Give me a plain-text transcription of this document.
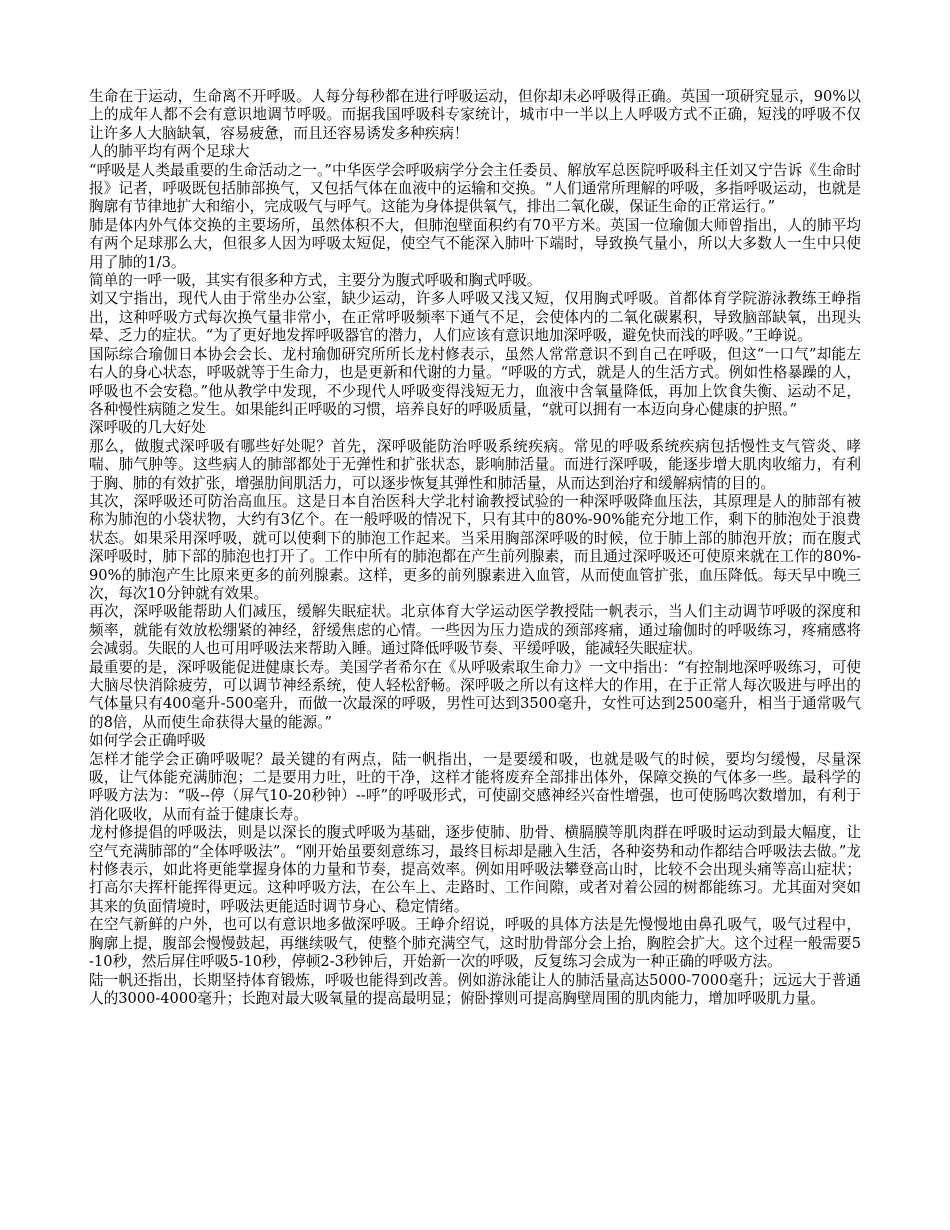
生命在于运动，生命离不开呼吸。人每分每秒都在进行呼吸运动，但你却未必呼吸得正确。英国一项研究显示，90%以上的成年人都不会有意识地调节呼吸。而据我国呼吸科专家统计，城市中一半以上人呼吸方式不正确，短浅的呼吸不仅让许多人大脑缺氧，容易疲惫，而且还容易诱发多种疾病！

人的肺平均有两个足球大

“呼吸是人类最重要的生命活动之一。”中华医学会呼吸病学分会主任委员、解放军总医院呼吸科主任刘又宁告诉《生命时报》记者，呼吸既包括肺部换气，又包括气体在血液中的运输和交换。“人们通常所理解的呼吸，多指呼吸运动，也就是胸廓有节律地扩大和缩小，完成吸气与呼气。这能为身体提供氧气，排出二氧化碳，保证生命的正常运行。”

肺是体内外气体交换的主要场所，虽然体积不大，但肺泡壁面积约有70平方米。英国一位瑜伽大师曾指出，人的肺平均有两个足球那么大，但很多人因为呼吸太短促，使空气不能深入肺叶下端时，导致换气量小，所以大多数人一生中只使用了肺的1/3。

简单的一呼一吸，其实有很多种方式，主要分为腹式呼吸和胸式呼吸。

刘又宁指出，现代人由于常坐办公室，缺少运动，许多人呼吸又浅又短，仅用胸式呼吸。首都体育学院游泳教练王峥指出，这种呼吸方式每次换气量非常小，在正常呼吸频率下通气不足，会使体内的二氧化碳累积，导致脑部缺氧，出现头晕、乏力的症状。“为了更好地发挥呼吸器官的潜力，人们应该有意识地加深呼吸，避免快而浅的呼吸。”王峥说。

国际综合瑜伽日本协会会长、龙村瑜伽研究所所长龙村修表示，虽然人常常意识不到自己在呼吸，但这“一口气”却能左右人的身心状态，呼吸就等于生命力，也是更新和代谢的力量。“呼吸的方式，就是人的生活方式。例如性格暴躁的人，呼吸也不会安稳。”他从教学中发现，不少现代人呼吸变得浅短无力，血液中含氧量降低，再加上饮食失衡、运动不足，各种慢性病随之发生。如果能纠正呼吸的习惯，培养良好的呼吸质量，“就可以拥有一本迈向身心健康的护照。”

深呼吸的几大好处

那么，做腹式深呼吸有哪些好处呢？首先，深呼吸能防治呼吸系统疾病。常见的呼吸系统疾病包括慢性支气管炎、哮喘、肺气肿等。这些病人的肺部都处于无弹性和扩张状态，影响肺活量。而进行深呼吸，能逐步增大肌肉收缩力，有利于胸、肺的有效扩张，增强肋间肌活力，可以逐步恢复其弹性和肺活量，从而达到治疗和缓解病情的目的。

其次，深呼吸还可防治高血压。这是日本自治医科大学北村谕教授试验的一种深呼吸降血压法，其原理是人的肺部有被称为肺泡的小袋状物，大约有3亿个。在一般呼吸的情况下，只有其中的80%-90%能充分地工作，剩下的肺泡处于浪费状态。如果采用深呼吸，就可以使剩下的肺泡工作起来。当采用胸部深呼吸的时候，位于肺上部的肺泡开放；而在腹式深呼吸时，肺下部的肺泡也打开了。工作中所有的肺泡都在产生前列腺素，而且通过深呼吸还可使原来就在工作的80%-90%的肺泡产生比原来更多的前列腺素。这样，更多的前列腺素进入血管，从而使血管扩张，血压降低。每天早中晚三次，每次10分钟就有效果。

再次，深呼吸能帮助人们减压，缓解失眠症状。北京体育大学运动医学教授陆一帆表示，当人们主动调节呼吸的深度和频率，就能有效放松绷紧的神经，舒缓焦虑的心情。一些因为压力造成的颈部疼痛，通过瑜伽时的呼吸练习，疼痛感将会减弱。失眠的人也可用呼吸法来帮助入睡。通过降低呼吸节奏、平缓呼吸，能减轻失眠症状。

最重要的是，深呼吸能促进健康长寿。美国学者希尔在《从呼吸索取生命力》一文中指出：“有控制地深呼吸练习，可使大脑尽快消除疲劳，可以调节神经系统，使人轻松舒畅。深呼吸之所以有这样大的作用，在于正常人每次吸进与呼出的气体量只有400毫升-500毫升，而做一次最深的呼吸，男性可达到3500毫升，女性可达到2500毫升，相当于通常吸气的8倍，从而使生命获得大量的能源。”

如何学会正确呼吸

怎样才能学会正确呼吸呢？最关键的有两点，陆一帆指出，一是要缓和吸，也就是吸气的时候，要均匀缓慢，尽量深吸，让气体能充满肺泡；二是要用力吐，吐的干净，这样才能将废弃全部排出体外，保障交换的气体多一些。最科学的呼吸方法为：“吸--停（屏气10-20秒钟）--呼”的呼吸形式，可使副交感神经兴奋性增强，也可使肠鸣次数增加，有利于消化吸收，从而有益于健康长寿。

龙村修提倡的呼吸法，则是以深长的腹式呼吸为基础，逐步使肺、肋骨、横膈膜等肌肉群在呼吸时运动到最大幅度，让空气充满肺部的“全体呼吸法”。“刚开始虽要刻意练习，最终目标却是融入生活，各种姿势和动作都结合呼吸法去做。”龙村修表示，如此将更能掌握身体的力量和节奏，提高效率。例如用呼吸法攀登高山时，比较不会出现头痛等高山症状；打高尔夫挥杆能挥得更远。这种呼吸方法，在公车上、走路时、工作间隙，或者对着公园的树都能练习。尤其面对突如其来的负面情境时，呼吸法更能适时调节身心、稳定情绪。

在空气新鲜的户外，也可以有意识地多做深呼吸。王峥介绍说，呼吸的具体方法是先慢慢地由鼻孔吸气，吸气过程中，胸廓上提，腹部会慢慢鼓起，再继续吸气，使整个肺充满空气，这时肋骨部分会上抬，胸腔会扩大。这个过程一般需要5-10秒，然后屏住呼吸5-10秒，停顿2-3秒钟后，开始新一次的呼吸，反复练习会成为一种正确的呼吸方法。

陆一帆还指出，长期坚持体育锻炼，呼吸也能得到改善。例如游泳能让人的肺活量高达5000-7000毫升；远远大于普通人的3000-4000毫升；长跑对最大吸氧量的提高最明显；俯卧撑则可提高胸壁周围的肌肉能力，增加呼吸肌力量。
